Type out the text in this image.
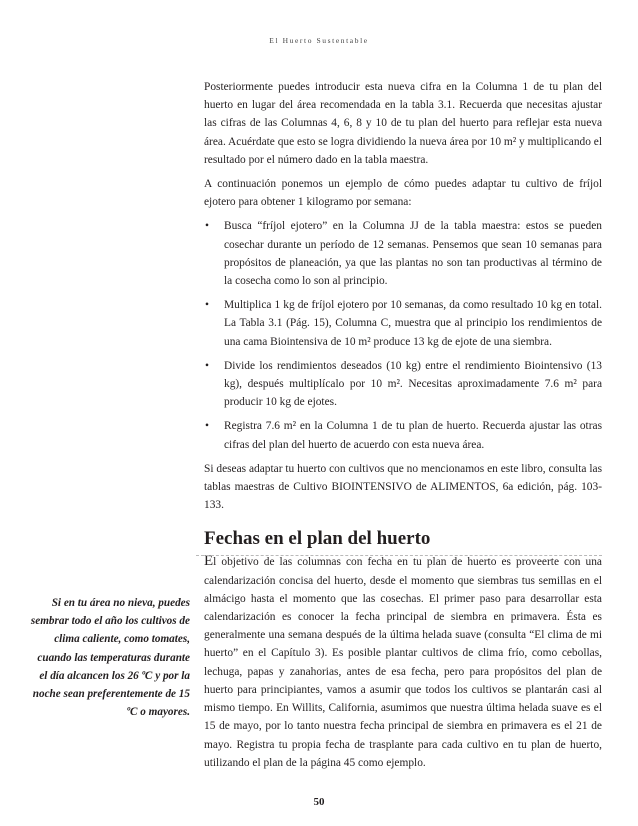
El Huerto Sustentable

Posteriormente puedes introducir esta nueva cifra en la Columna 1 de tu plan del huerto en lugar del área recomendada en la tabla 3.1. Recuerda que necesitas ajustar las cifras de las Columnas 4, 6, 8 y 10 de tu plan del huerto para reflejar esta nueva área. Acuérdate que esto se logra dividiendo la nueva área por 10 m² y multiplicando el resultado por el número dado en la tabla maestra.

A continuación ponemos un ejemplo de cómo puedes adaptar tu cultivo de fríjol ejotero para obtener 1 kilogramo por semana:

• Busca “fríjol ejotero” en la Columna JJ de la tabla maestra: estos se pueden cosechar durante un período de 12 semanas. Pensemos que sean 10 semanas para propósitos de planeación, ya que las plantas no son tan productivas al término de la cosecha como lo son al principio.
• Multiplica 1 kg de fríjol ejotero por 10 semanas, da como resultado 10 kg en total. La Tabla 3.1 (Pág. 15), Columna C, muestra que al principio los rendimientos de una cama Biointensiva de 10 m² produce 13 kg de ejote de una siembra.
• Divide los rendimientos deseados (10 kg) entre el rendimiento Biointensivo (13 kg), después multiplícalo por 10 m². Necesitas aproximadamente 7.6 m² para producir 10 kg de ejotes.
• Registra 7.6 m² en la Columna 1 de tu plan de huerto. Recuerda ajustar las otras cifras del plan del huerto de acuerdo con esta nueva área.

Si deseas adaptar tu huerto con cultivos que no mencionamos en este libro, consulta las tablas maestras de Cultivo BIOINTENSIVO de ALIMENTOS, 6a edición, pág. 103-133.

Fechas en el plan del huerto

El objetivo de las columnas con fecha en tu plan de huerto es proveerte con una calendarización concisa del huerto, desde el momento que siembras tus semillas en el almácigo hasta el momento que las cosechas. El primer paso para desarrollar esta calendarización es conocer la fecha principal de siembra en primavera. Ésta es generalmente una semana después de la última helada suave (consulta “El clima de mi huerto” en el Capítulo 3). Es posible plantar cultivos de clima frío, como cebollas, lechuga, papas y zanahorias, antes de esa fecha, pero para propósitos del plan de huerto para principiantes, vamos a asumir que todos los cultivos se plantarán casi al mismo tiempo. En Willits, California, asumimos que nuestra última helada suave es el 15 de mayo, por lo tanto nuestra fecha principal de siembra en primavera es el 21 de mayo. Registra tu propia fecha de trasplante para cada cultivo en tu plan de huerto, utilizando el plan de la página 45 como ejemplo.

Si en tu área no nieva, puedes sembrar todo el año los cultivos de clima caliente, como tomates, cuando las temperaturas durante el día alcancen los 26 ºC y por la noche sean preferentemente de 15 ºC o mayores.
50
